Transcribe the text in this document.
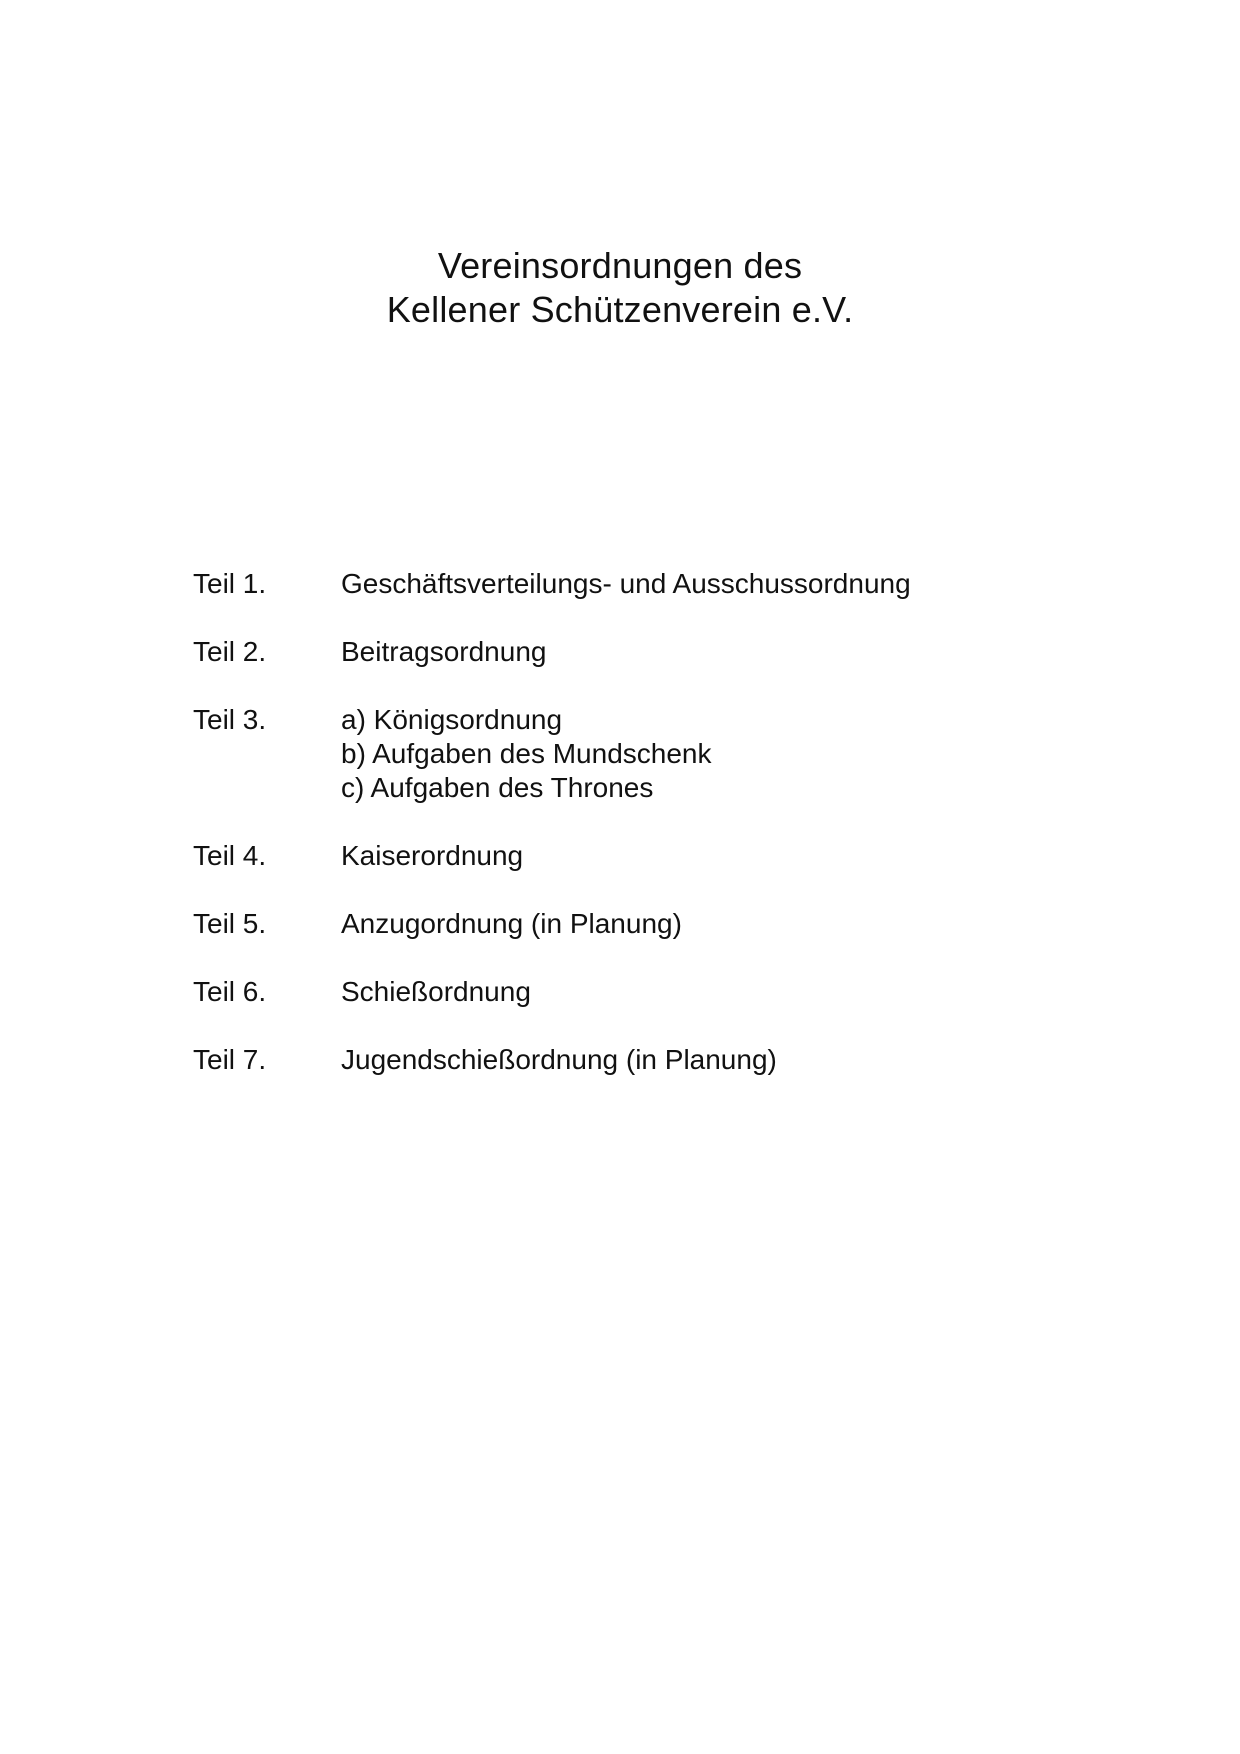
Vereinsordnungen des
Kellener Schützenverein e.V.
Teil 1.	Geschäftsverteilungs- und Ausschussordnung
Teil 2.	Beitragsordnung
Teil 3.	a) Königsordnung
b) Aufgaben des Mundschenk
c) Aufgaben des Thrones
Teil 4.	Kaiserordnung
Teil 5.	Anzugordnung (in Planung)
Teil 6.	Schießordnung
Teil 7.	Jugendschießordnung (in Planung)
